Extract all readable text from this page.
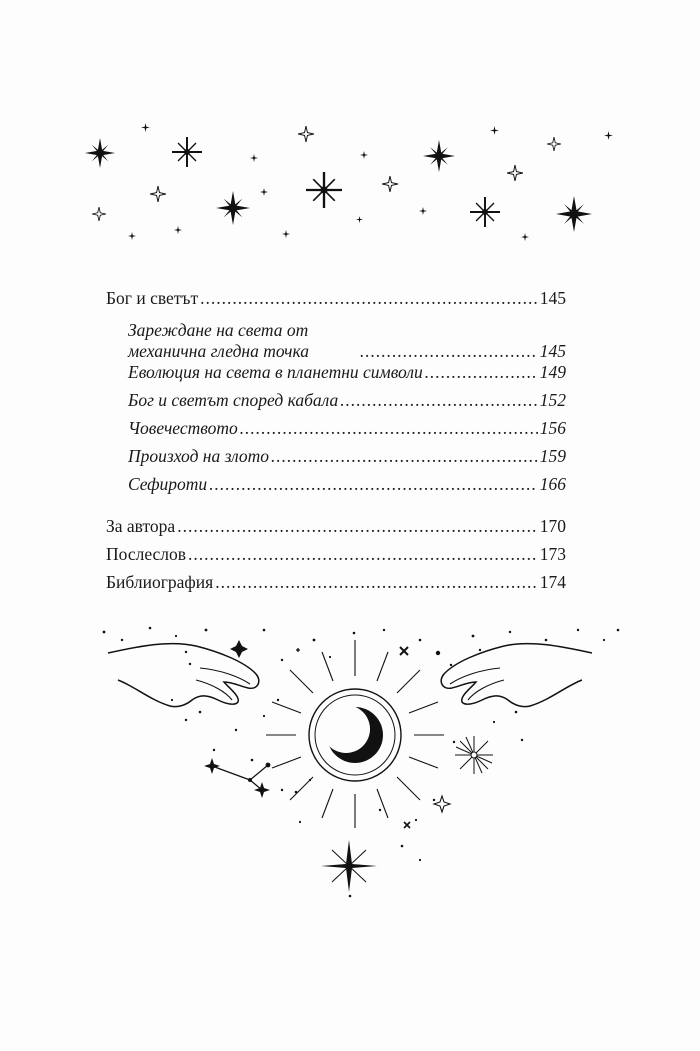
Бог и светът .....	145
Зареждане на света от механична гледна точка .....	145
Еволюция на света в планетни символи .....	149
Бог и светът според кабала .....	152
Човечеството .....	156
Произход на злото .....	159
Сефироти .....	166
За автора .....	170
Послеслов .....	173
Библиография .....	174
